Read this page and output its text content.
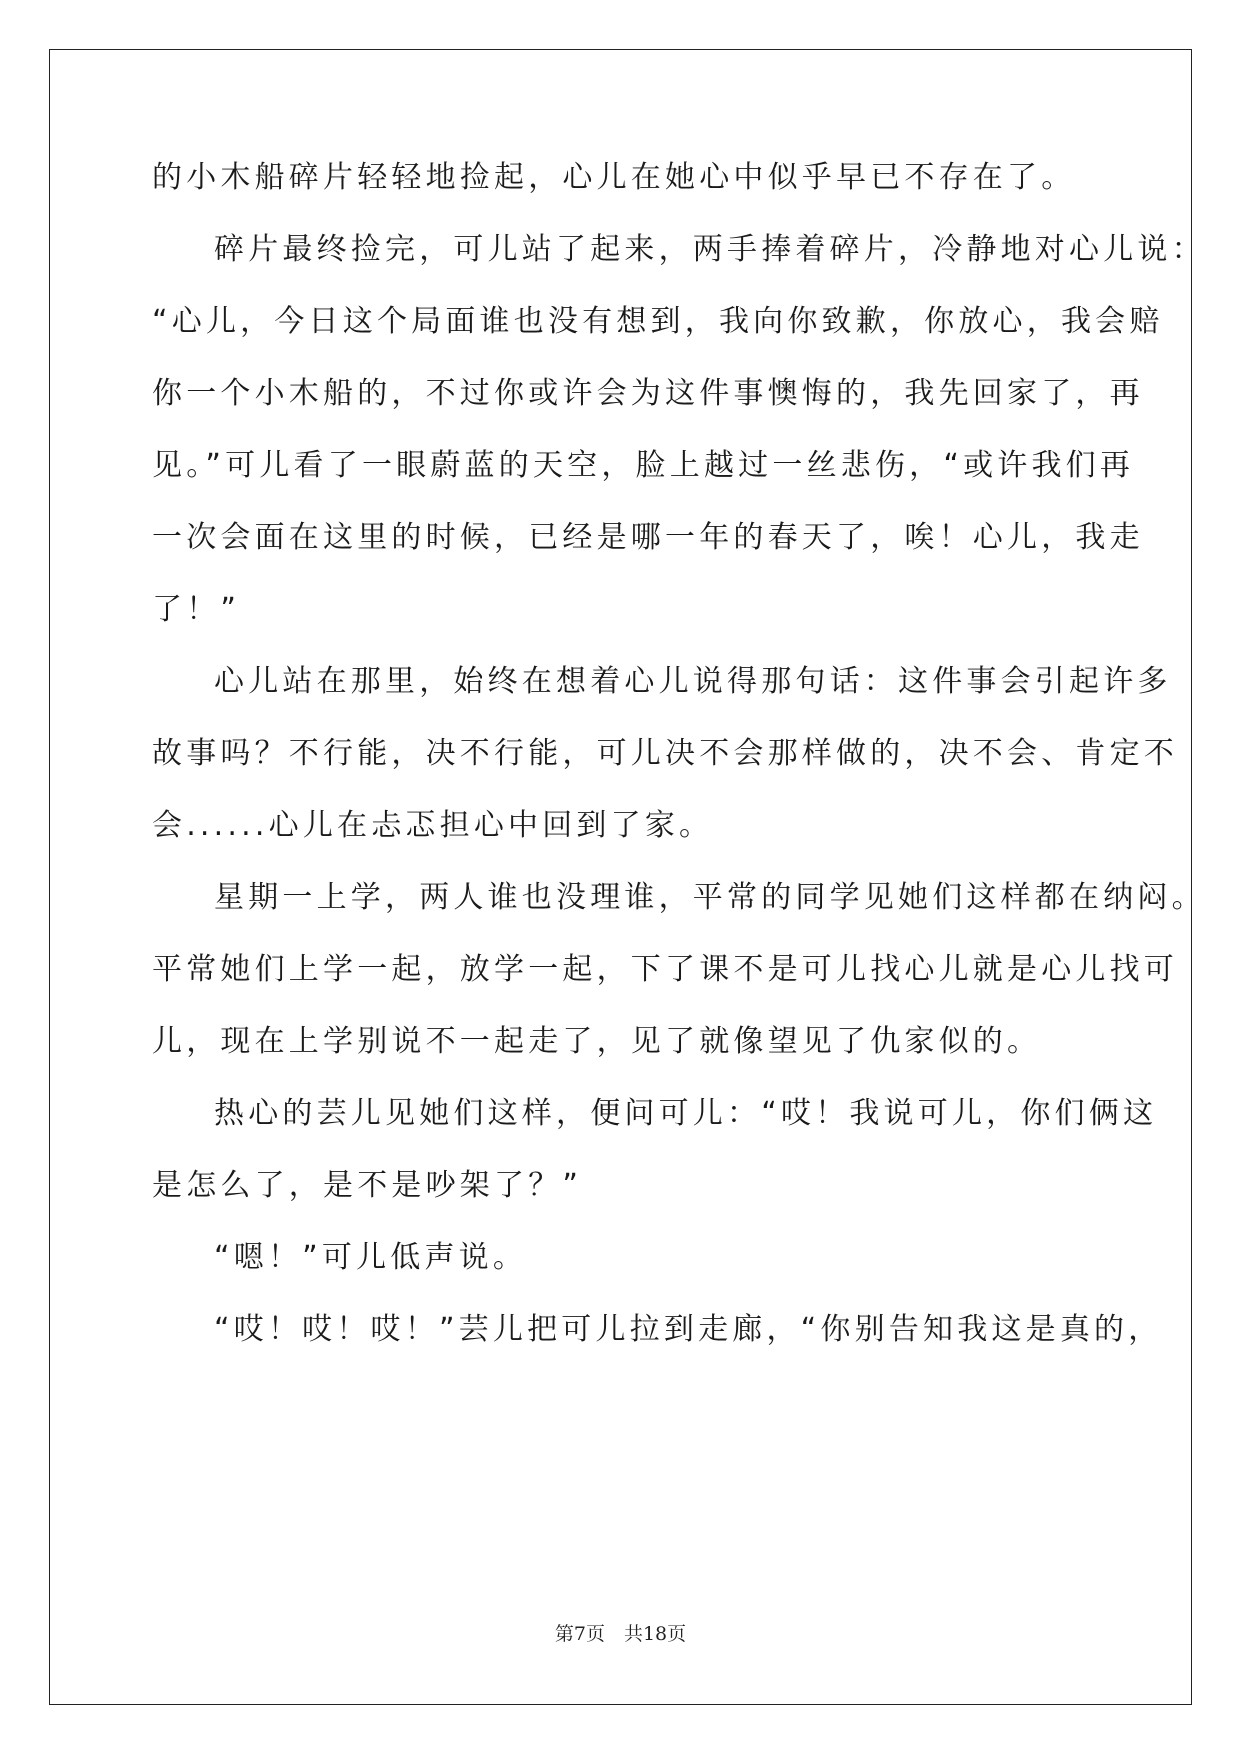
的小木船碎片轻轻地捡起，心儿在她心中似乎早已不存在了。
碎片最终捡完，可儿站了起来，两手捧着碎片，冷静地对心儿说：
“心儿，今日这个局面谁也没有想到，我向你致歉，你放心，我会赔
你一个小木船的，不过你或许会为这件事懊悔的，我先回家了，再
见。”可儿看了一眼蔚蓝的天空，脸上越过一丝悲伤，“或许我们再
一次会面在这里的时候，已经是哪一年的春天了，唉！心儿，我走
了！”
心儿站在那里，始终在想着心儿说得那句话：这件事会引起许多
故事吗？不行能，决不行能，可儿决不会那样做的，决不会、肯定不
会......心儿在忐忑担心中回到了家。
星期一上学，两人谁也没理谁，平常的同学见她们这样都在纳闷。
平常她们上学一起，放学一起，下了课不是可儿找心儿就是心儿找可
儿，现在上学别说不一起走了，见了就像望见了仇家似的。
热心的芸儿见她们这样，便问可儿：“哎！我说可儿，你们俩这
是怎么了，是不是吵架了？”
“嗯！”可儿低声说。
“哎！哎！哎！”芸儿把可儿拉到走廊，“你别告知我这是真的，
第7页　共18页
